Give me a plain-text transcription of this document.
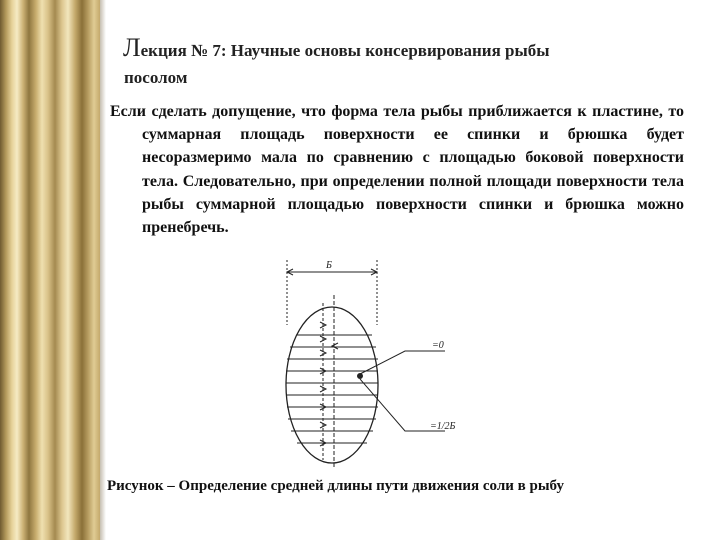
Лекция № 7: Научные основы консервирования рыбы
посолом
Если сделать допущение, что форма тела рыбы приближается к пластине, то суммарная площадь поверхности ее спинки и брюшка будет несоразмеримо мала по сравнению с площадью боковой поверхности тела. Следовательно, при определении полной площади поверхности тела рыбы суммарной площадью поверхности спинки и брюшка можно пренебречь.
Б
=0
=1/2Б
Рисунок – Определение средней длины пути движения соли в рыбу
